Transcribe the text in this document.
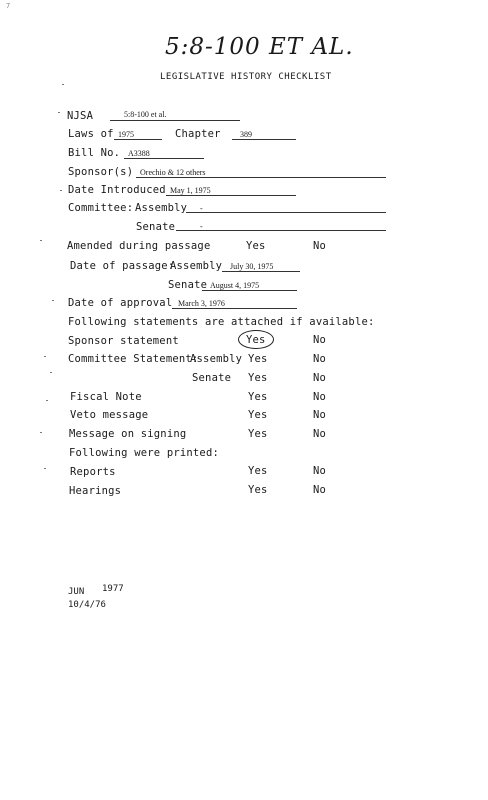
7
5:8-100 ET AL.
LEGISLATIVE HISTORY CHECKLIST
NJSA	5:8-100 et al.
Laws of 1975	Chapter 389
Bill No. A3388
Sponsor(s) Orechio & 12 others
Date Introduced May 1, 1975
Committee: Assembly -
Senate	-
Amended during passage	Yes	No
Date of passage:
Assembly July 30, 1975
Senate August 4, 1975
Date of approval March 3, 1976
Following statements are attached if available:
Sponsor statement	Yes	No
Committee Statement:
Assembly Yes	No
Senate Yes	No
Fiscal Note	Yes	No
Veto message	Yes	No
Message on signing	Yes	No
Following were printed:
Reports	Yes	No
Hearings	Yes	No
JUN 1977
10/4/76
